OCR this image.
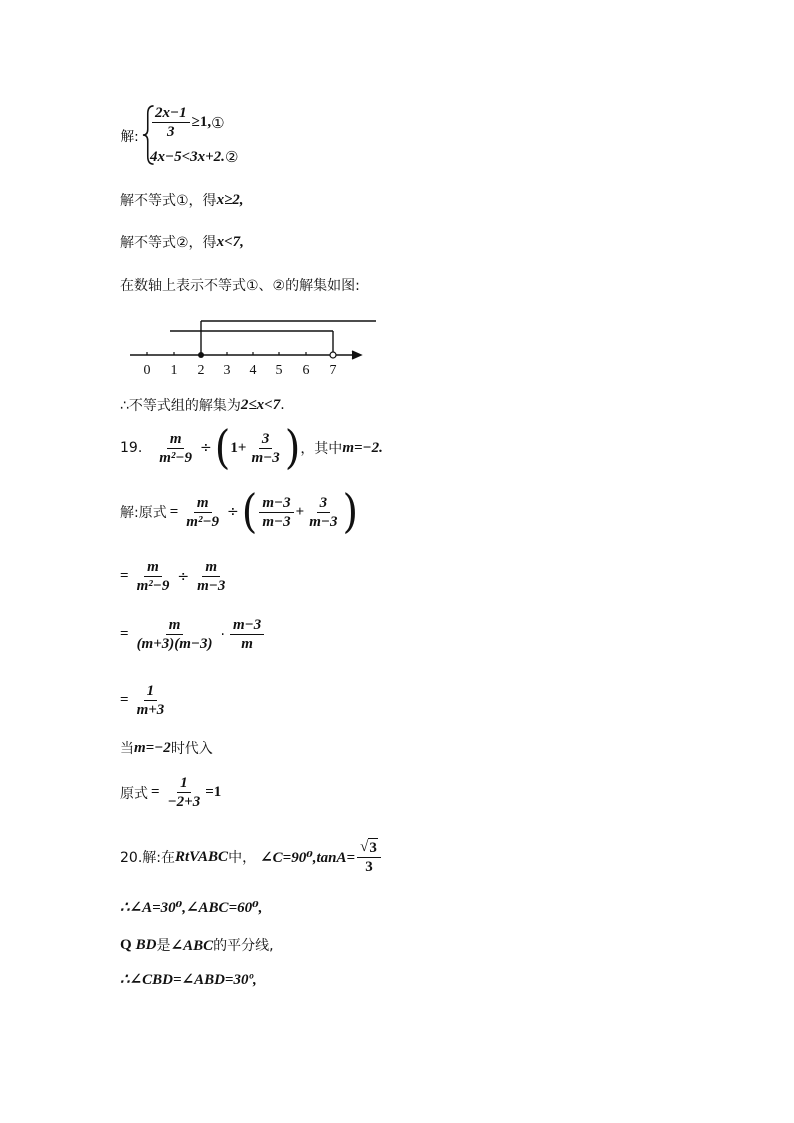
解: $\frac{2x-1}{3} \ge 1$, ①
4x−5<3x+2. ②
解不等式①，得 x≥2,
解不等式②，得 x<7,
在数轴上表示不等式①、②的解集如图:
0 1 2 3 4 5 6 7
∴不等式组的解集为 2≤x<7 .
19. $\frac{m}{\text{m²−9}}$ ÷ ( $1+ \frac{3}{m-3}$ ) ，其中 m=−2.
解:原式 = $\frac{m}{\text{m²−9}}$ ÷ ( $\frac{m-3}{m-3} + \frac{3}{m-3}$ )
= $\frac{m}{\text{m²−9}} \div \frac{m}{m-3}$
= $\frac{m}{(m+3)(m-3)} \cdot \frac{m-3}{m}$
= $\frac{1}{m+3}$
当 m=−2 时代入
原式 = $\frac{1}{-2+3} =1$
20.解:在 RtVABC 中， ∠C=90⁰,tanA= $\frac{√ 3}{3}$
∴∠A=30⁰,∠ABC=60⁰,
Q BD 是 ∠ABC 的平分线,
∴∠CBD=∠ABD=30º,
